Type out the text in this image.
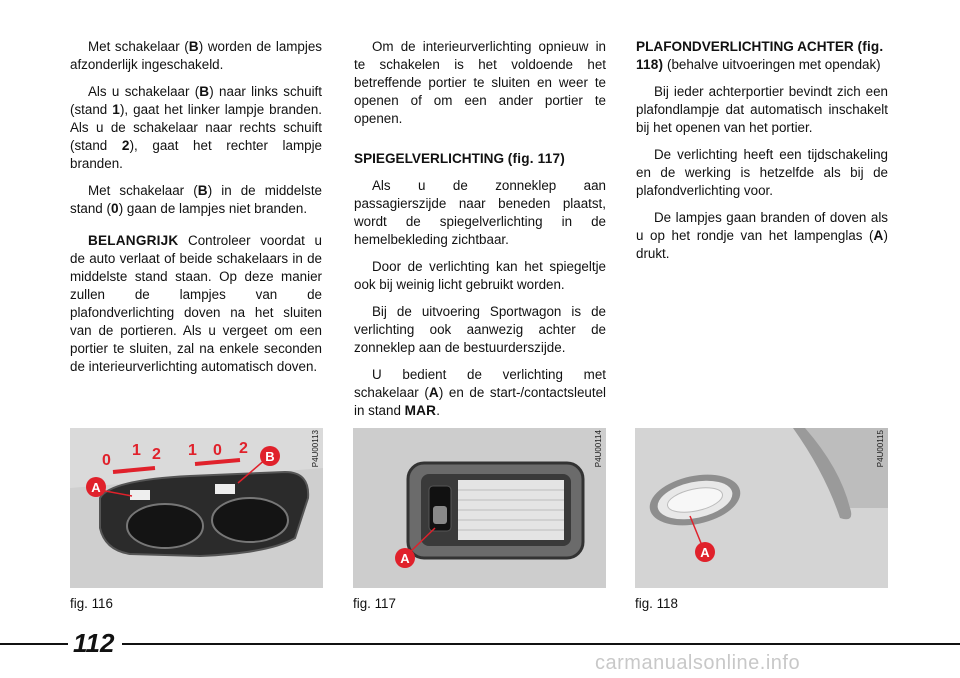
Met schakelaar (B) worden de lampjes afzonderlijk ingeschakeld.

Als u schakelaar (B) naar links schuift (stand 1), gaat het linker lampje branden. Als u de schakelaar naar rechts schuift (stand 2), gaat het rechter lampje branden.

Met schakelaar (B) in de middelste stand (0) gaan de lampjes niet branden.

BELANGRIJK Controleer voordat u de auto verlaat of beide schakelaars in de middelste stand staan. Op deze manier zullen de lampjes van de plafondverlichting doven na het sluiten van de portieren. Als u vergeet om een portier te sluiten, zal na enkele seconden de interieurverlichting automatisch doven.

Om de interieurverlichting opnieuw in te schakelen is het voldoende het betreffende portier te sluiten en weer te openen of om een ander portier te openen.

SPIEGELVERLICHTING (fig. 117)

Als u de zonneklep aan passagierszijde naar beneden plaatst, wordt de spiegelverlichting in de hemelbekleding zichtbaar.

Door de verlichting kan het spiegeltje ook bij weinig licht gebruikt worden.

Bij de uitvoering Sportwagon is de verlichting ook aanwezig achter de zonneklep aan de bestuurderszijde.

U bedient de verlichting met schakelaar (A) en de start-/contactsleutel in stand MAR.

PLAFONDVERLICHTING ACHTER (fig. 118) (behalve uitvoeringen met opendak)

Bij ieder achterportier bevindt zich een plafondlampje dat automatisch inschakelt bij het openen van het portier.

De verlichting heeft een tijdschakeling en de werking is hetzelfde als bij de plafondverlichting voor.

De lampjes gaan branden of doven als u op het rondje van het lampenglas (A) drukt.

0
1 2 1 0 2
A
B	P4U00113
fig. 116
A
P4U00114
fig. 117
A
P4U00115
fig. 118
112
carmanualsonline.info
